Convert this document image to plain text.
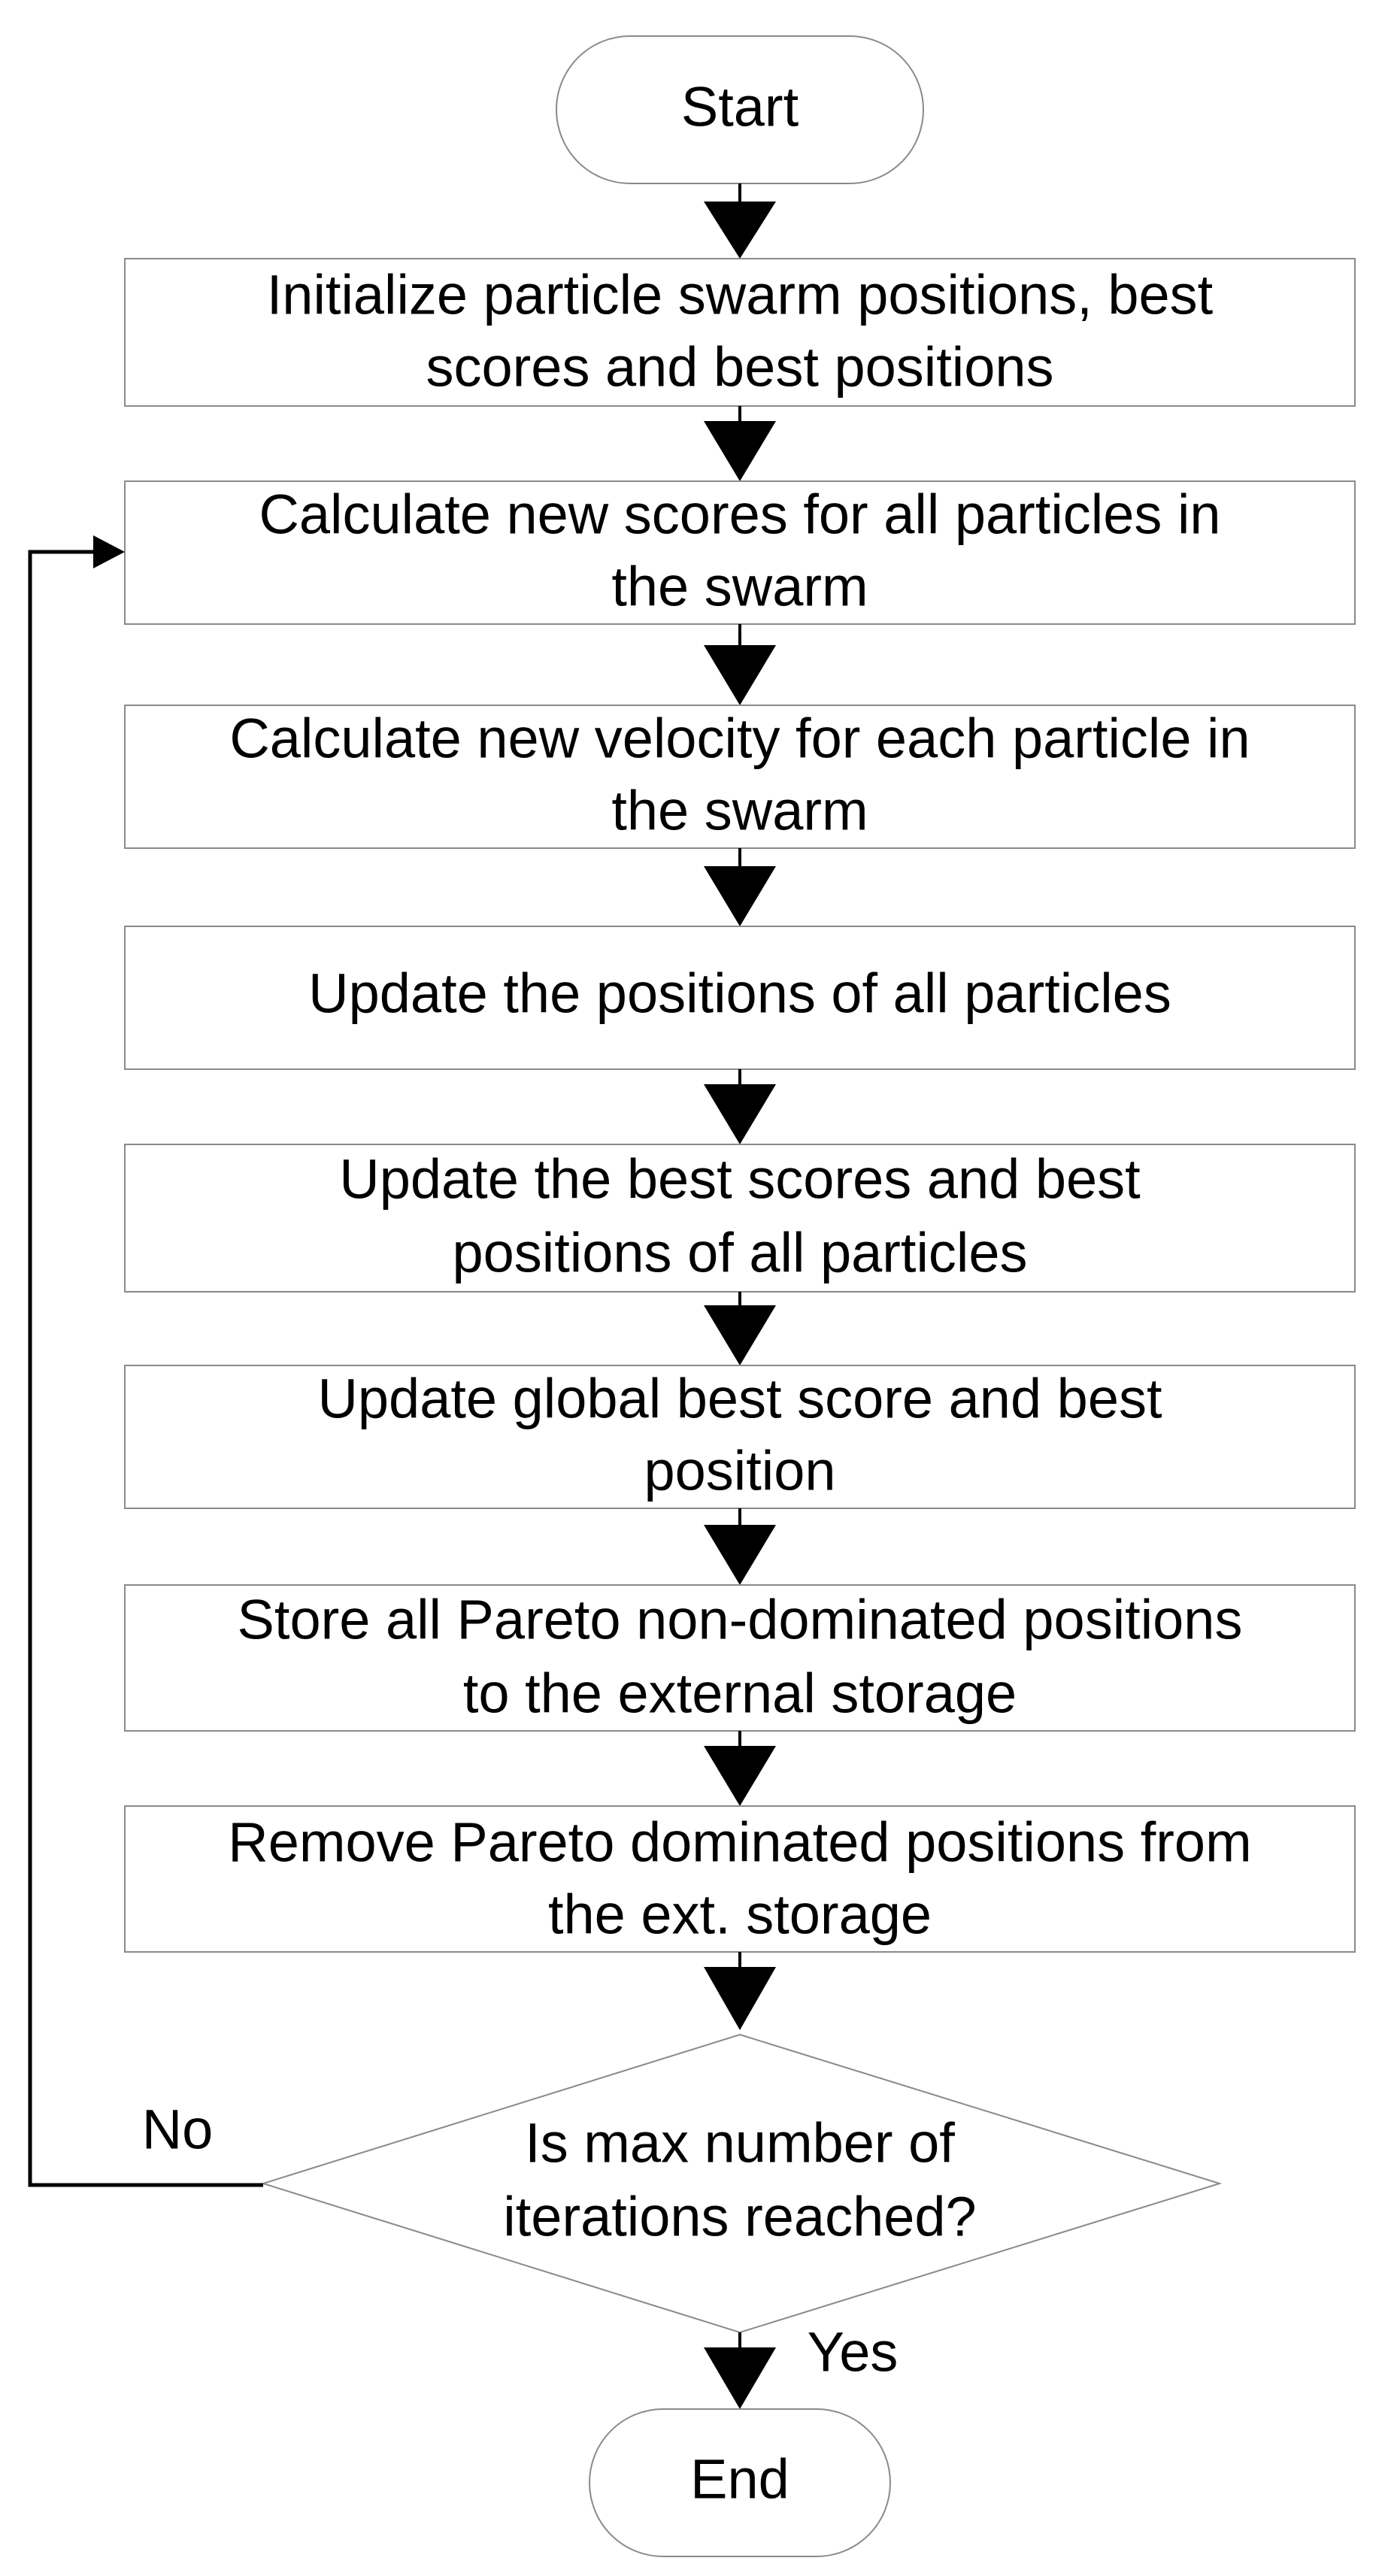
Start
Initialize particle swarm positions, best
scores and best positions
Calculate new scores for all particles in
the swarm
Calculate new velocity for each particle in
the swarm
Update the positions of all particles
Update the best scores and best
positions of all particles
Update global best score and best
position
Store all Pareto non-dominated positions
to the external storage
Remove Pareto dominated positions from
the ext. storage
Is max number of
iterations reached?
No
Yes
End
